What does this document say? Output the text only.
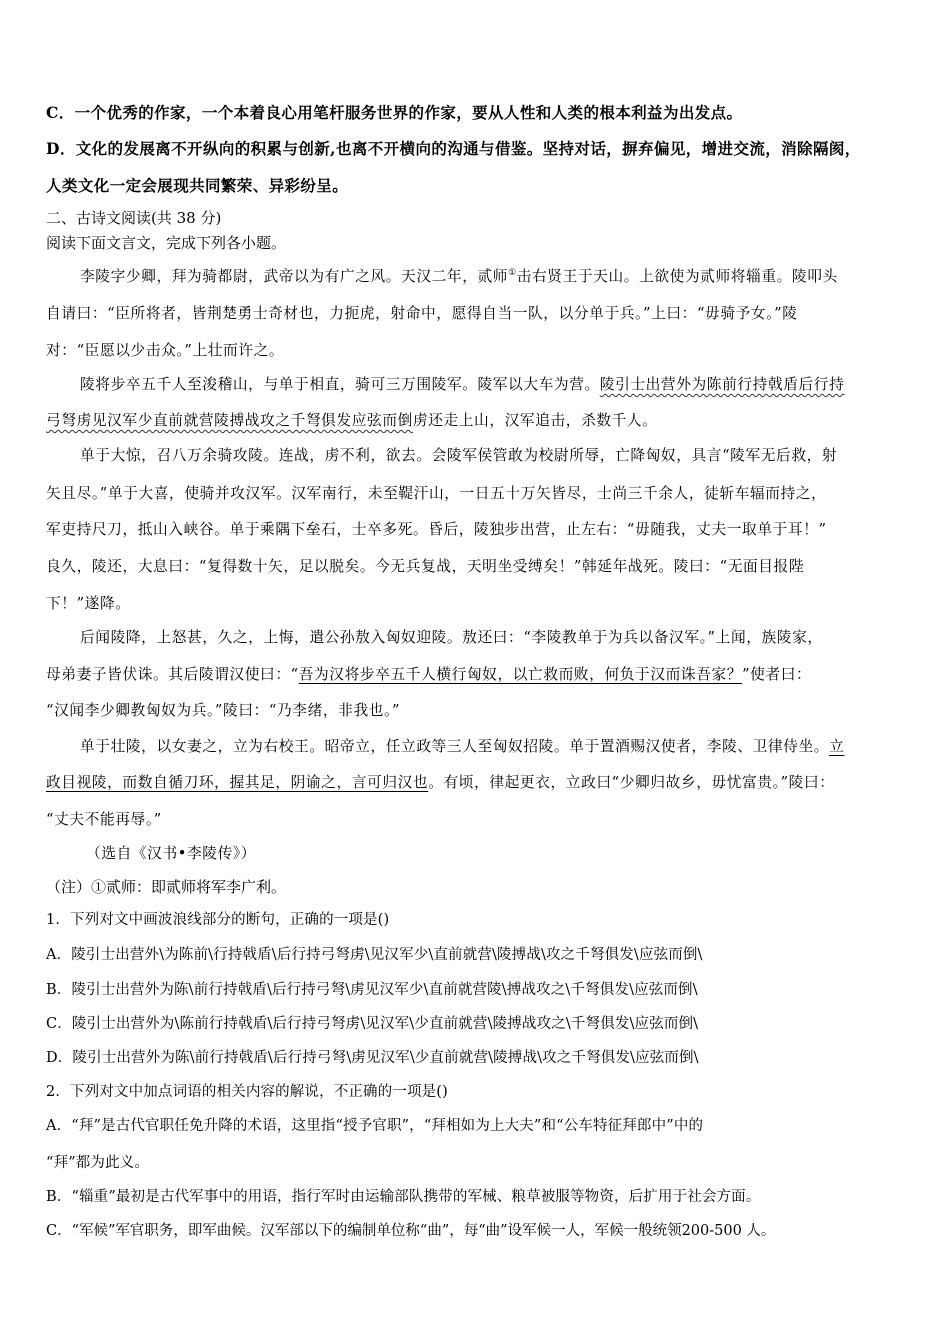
C．一个优秀的作家，一个本着良心用笔杆服务世界的作家，要从人性和人类的根本利益为出发点。
D．文化的发展离不开纵向的积累与创新,也离不开横向的沟通与借鉴。坚持对话，摒弃偏见，增进交流，消除隔阂，
人类文化一定会展现共同繁荣、异彩纷呈。
二、古诗文阅读(共 38 分)
阅读下面文言文，完成下列各小题。
李陵字少卿，拜为骑都尉，武帝以为有广之风。天汉二年，贰师①击右贤王于天山。上欲使为贰师将辎重。陵叩头
自请曰：“臣所将者，皆荆楚勇士奇材也，力扼虎，射命中，愿得自当一队，以分单于兵。”上曰：“毋骑予女。”陵
对：“臣愿以少击众。”上壮而许之。
陵将步卒五千人至浚稽山，与单于相直，骑可三万围陵军。陵军以大车为营。陵引士出营外为陈前行持戟盾后行持
弓弩虏见汉军少直前就营陵搏战攻之千弩俱发应弦而倒虏还走上山，汉军追击，杀数千人。
单于大惊，召八万余骑攻陵。连战，虏不利，欲去。会陵军侯管敢为校尉所辱，亡降匈奴，具言“陵军无后救，射
矢且尽。”单于大喜，使骑并攻汉军。汉军南行，未至鞮汗山，一日五十万矢皆尽，士尚三千余人，徒斩车辐而持之，
军吏持尺刀，抵山入峡谷。单于乘隅下垒石，士卒多死。昏后，陵独步出营，止左右：“毋随我，丈夫一取单于耳！”
良久，陵还，大息曰：“复得数十矢，足以脱矣。今无兵复战，天明坐受缚矣！”韩延年战死。陵曰：“无面目报陛
下！”遂降。
后闻陵降，上怒甚，久之，上悔，遣公孙敖入匈奴迎陵。敖还曰：“李陵教单于为兵以备汉军。”上闻，族陵家，
母弟妻子皆伏诛。其后陵谓汉使曰：“吾为汉将步卒五千人横行匈奴，以亡救而败，何负于汉而诛吾家？”使者曰：
“汉闻李少卿教匈奴为兵。”陵曰：“乃李绪，非我也。”
单于壮陵，以女妻之，立为右校王。昭帝立，任立政等三人至匈奴招陵。单于置酒赐汉使者，李陵、卫律侍坐。立
政目视陵，而数自循刀环，握其足，阴谕之，言可归汉也。有顷，律起更衣，立政曰“少卿归故乡，毋忧富贵。”陵曰：
“丈夫不能再辱。”
（选自《汉书•李陵传》）
（注）①贰师：即贰师将军李广利。
1．下列对文中画波浪线部分的断句，正确的一项是()
A．陵引士出营外\为陈前\行持戟盾\后行持弓弩虏\见汉军少\直前就营\陵搏战\攻之千弩俱发\应弦而倒\
B．陵引士出营外为陈\前行持戟盾\后行持弓弩\虏见汉军少\直前就营陵\搏战攻之\千弩俱发\应弦而倒\
C．陵引士出营外为\陈前行持戟盾\后行持弓弩虏\见汉军\少直前就营\陵搏战攻之\千弩俱发\应弦而倒\
D．陵引士出营外为陈\前行持戟盾\后行持弓弩\虏见汉军\少直前就营\陵搏战\攻之千弩俱发\应弦而倒\
2．下列对文中加点词语的相关内容的解说，不正确的一项是()
A．“拜”是古代官职任免升降的术语，这里指“授予官职”，“拜相如为上大夫”和“公车特征拜郎中”中的
“拜”都为此义。
B．“辎重”最初是古代军事中的用语，指行军时由运输部队携带的军械、粮草被服等物资，后扩用于社会方面。
C．“军候”军官职务，即军曲候。汉军部以下的编制单位称“曲”，每“曲”设军候一人，军候一般统领200-500 人。
